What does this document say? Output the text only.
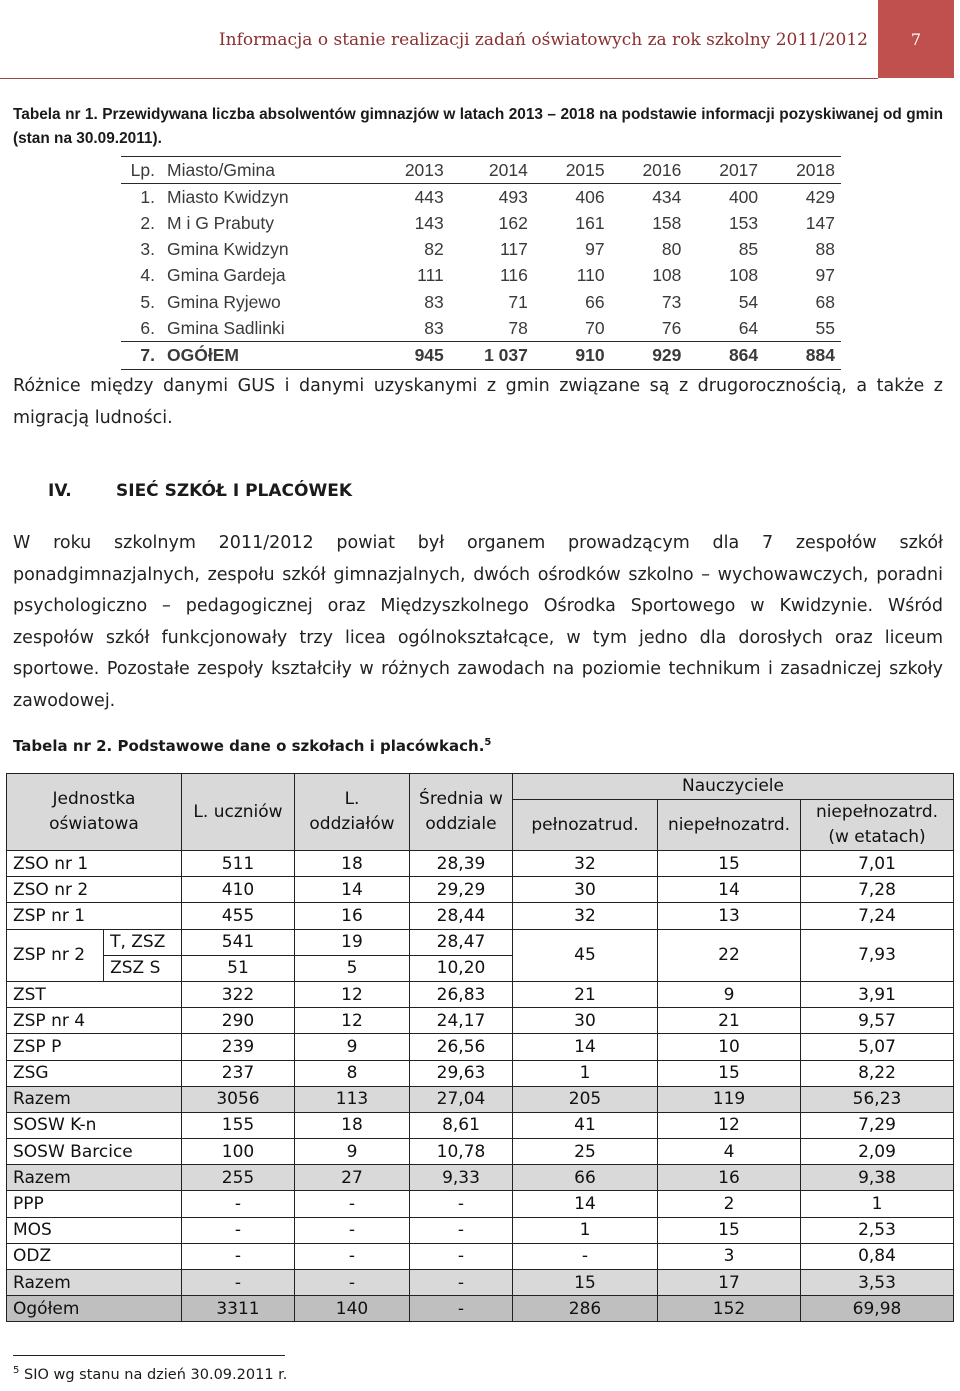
Informacja o stanie realizacji zadań oświatowych za rok szkolny 2011/2012	7
Tabela nr 1. Przewidywana liczba absolwentów gimnazjów w latach 2013 – 2018 na podstawie informacji pozyskiwanej od gmin (stan na 30.09.2011).
Lp.	Miasto/Gmina	2013	2014	2015	2016	2017	2018
1.	Miasto Kwidzyn	443	493	406	434	400	429
2.	M i G Prabuty	143	162	161	158	153	147
3.	Gmina Kwidzyn	82	117	97	80	85	88
4.	Gmina Gardeja	111	116	110	108	108	97
5.	Gmina Ryjewo	83	71	66	73	54	68
6.	Gmina Sadlinki	83	78	70	76	64	55
7.	OGÓłEM	945	1 037	910	929	864	884
Różnice między danymi GUS i danymi uzyskanymi z gmin związane są z drugorocznością, a także z migracją ludności.
IV.	SIEĆ SZKÓŁ I PLACÓWEK
W roku szkolnym 2011/2012 powiat był organem prowadzącym dla 7 zespołów szkół ponadgimnazjalnych, zespołu szkół gimnazjalnych, dwóch ośrodków szkolno – wychowawczych, poradni psychologiczno – pedagogicznej oraz Międzyszkolnego Ośrodka Sportowego w Kwidzynie. Wśród zespołów szkół funkcjonowały trzy licea ogólnokształcące, w tym jedno dla dorosłych oraz liceum sportowe. Pozostałe zespoły kształciły w różnych zawodach na poziomie technikum i zasadniczej szkoły zawodowej.
Tabela nr 2. Podstawowe dane o szkołach i placówkach.$^5$
Jednostka oświatowa		L. uczniów	L. oddziałów	Średnia w oddziale	Nauczyciele		
					pełnozatrud.	niepełnozatrd.	niepełnozatrd. (w etatach)
ZSO nr 1		511	18	28,39	32	15	7,01
ZSO nr 2		410	14	29,29	30	14	7,28
ZSP nr 1		455	16	28,44	32	13	7,24
ZSP nr 2	T, ZSZ	541	19	28,47	45	22	7,93
	ZSZ S	51	5	10,20			
ZST		322	12	26,83	21	9	3,91
ZSP nr 4		290	12	24,17	30	21	9,57
ZSP P		239	9	26,56	14	10	5,07
ZSG		237	8	29,63	1	15	8,22
Razem		3056	113	27,04	205	119	56,23
SOSW K-n		155	18	8,61	41	12	7,29
SOSW Barcice		100	9	10,78	25	4	2,09
Razem		255	27	9,33	66	16	9,38
PPP		-	-	-	14	2	1
MOS		-	-	-	1	15	2,53
ODZ		-	-	-	-	3	0,84
Razem		-	-	-	15	17	3,53
Ogółem		3311	140	-	286	152	69,98
$^5$ SIO wg stanu na dzień 30.09.2011 r.
